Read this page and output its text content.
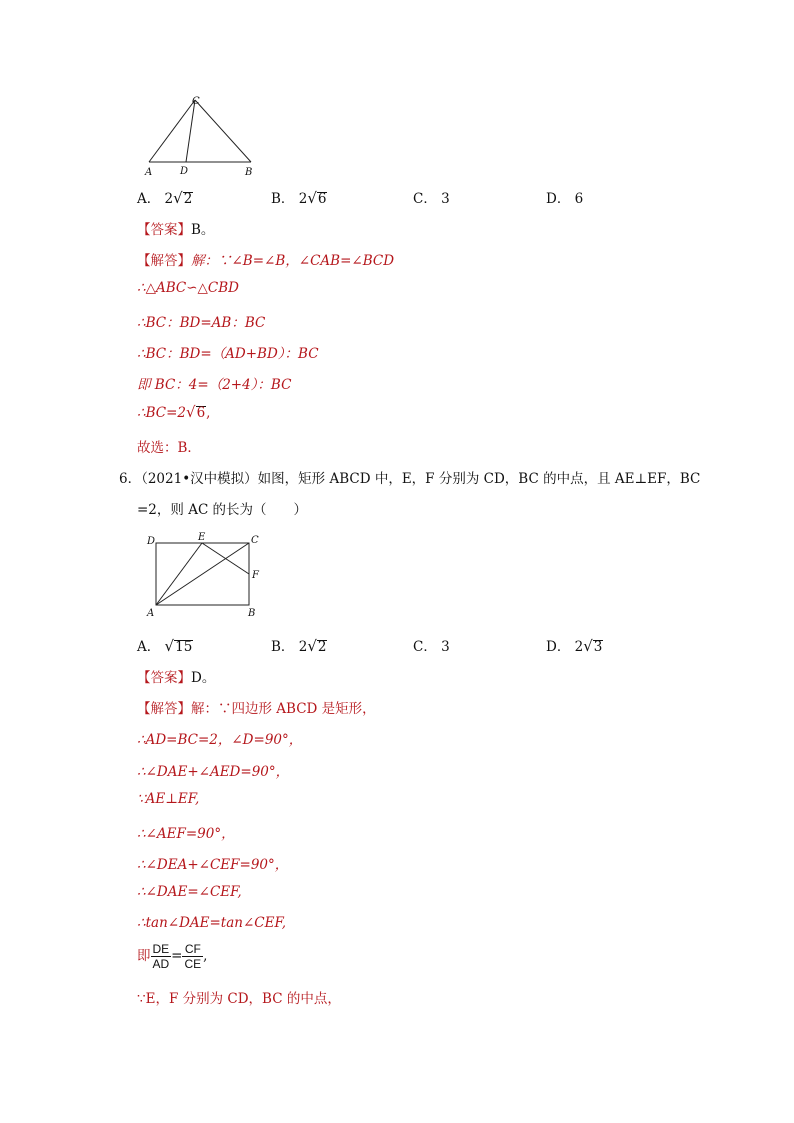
C
A	D	B
A． 2√2	B． 2√6	C． 3	D． 6
【答案】B。
【解答】解：∵∠B=∠B，∠CAB=∠BCD
∴△ABC∽△CBD
∴BC：BD=AB：BC
∴BC：BD=（AD+BD）：BC
即 BC：4=（2+4）：BC
∴BC=2√6,
故选：B．
6．（2021•汉中模拟）如图，矩形 ABCD 中，E，F 分别为 CD，BC 的中点，且 AE⊥EF，BC
=2，则 AC 的长为（　　）
D	E	C
F
A	B
A． √15	B． 2√2	C． 3	D． 2√3
【答案】D。
【解答】解：∵四边形 ABCD 是矩形，
∴AD=BC=2，∠D=90°，
∴∠DAE+∠AED=90°，
∵AE⊥EF,
∴∠AEF=90°，
∴∠DEA+∠CEF=90°，
∴∠DAE=∠CEF,
∴tan∠DAE=tan∠CEF,
即 $\frac{DE}{AD} = \frac{CF}{CE}$ ,
∵E，F 分别为 CD，BC 的中点，
